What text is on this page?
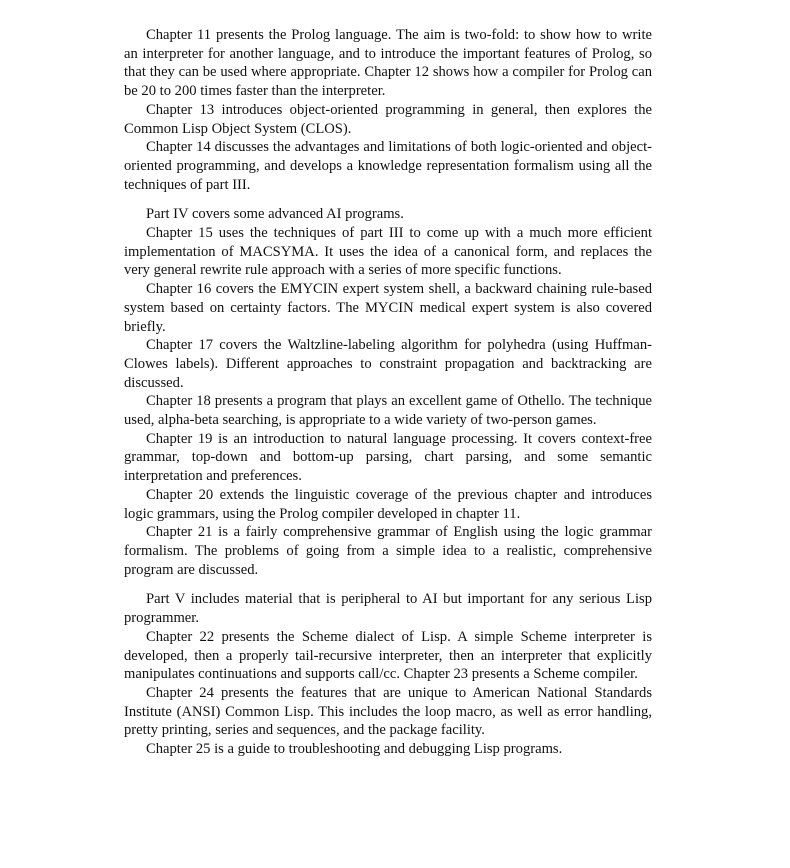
Chapter 11 presents the Prolog language. The aim is two-fold: to show how to write an interpreter for another language, and to introduce the important features of Prolog, so that they can be used where appropriate. Chapter 12 shows how a compiler for Prolog can be 20 to 200 times faster than the interpreter.

Chapter 13 introduces object-oriented programming in general, then explores the Common Lisp Object System (CLOS).

Chapter 14 discusses the advantages and limitations of both logic-oriented and object-oriented programming, and develops a knowledge representation formalism using all the techniques of part III.

Part IV covers some advanced AI programs.

Chapter 15 uses the techniques of part III to come up with a much more efficient implementation of MACSYMA. It uses the idea of a canonical form, and replaces the very general rewrite rule approach with a series of more specific functions.

Chapter 16 covers the EMYCIN expert system shell, a backward chaining rule-based system based on certainty factors. The MYCIN medical expert system is also covered briefly.

Chapter 17 covers the Waltzline-labeling algorithm for polyhedra (using Huffman-Clowes labels). Different approaches to constraint propagation and backtracking are discussed.

Chapter 18 presents a program that plays an excellent game of Othello. The technique used, alpha-beta searching, is appropriate to a wide variety of two-person games.

Chapter 19 is an introduction to natural language processing. It covers context-free grammar, top-down and bottom-up parsing, chart parsing, and some semantic interpretation and preferences.

Chapter 20 extends the linguistic coverage of the previous chapter and introduces logic grammars, using the Prolog compiler developed in chapter 11.

Chapter 21 is a fairly comprehensive grammar of English using the logic grammar formalism. The problems of going from a simple idea to a realistic, comprehensive program are discussed.

Part V includes material that is peripheral to AI but important for any serious Lisp programmer.

Chapter 22 presents the Scheme dialect of Lisp. A simple Scheme interpreter is developed, then a properly tail-recursive interpreter, then an interpreter that explicitly manipulates continuations and supports call/cc. Chapter 23 presents a Scheme compiler.

Chapter 24 presents the features that are unique to American National Standards Institute (ANSI) Common Lisp. This includes the loop macro, as well as error handling, pretty printing, series and sequences, and the package facility.

Chapter 25 is a guide to troubleshooting and debugging Lisp programs.
